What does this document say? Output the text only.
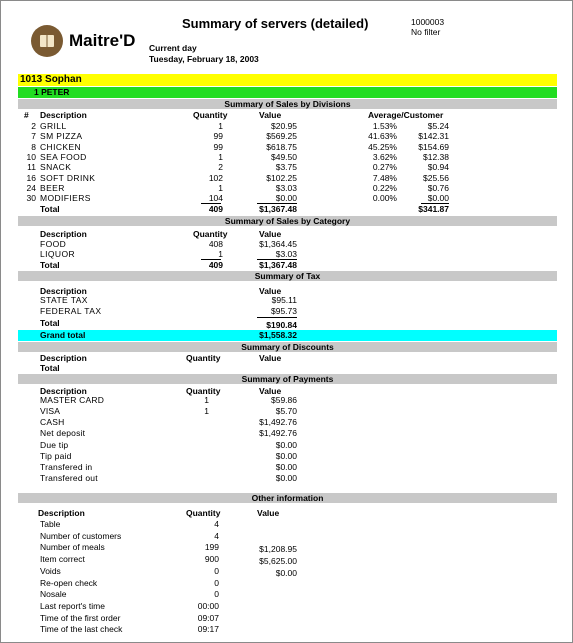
Maitre'D
Summary of servers (detailed)	1000003
No filter
Current day
Tuesday, February 18, 2003
1013 Sophan
1 PETER
Summary of Sales by Divisions
# Description	Quantity	Value	Average/Customer
2 GRILL	1	$20.95	1.53%	$5.24
7 SM PIZZA	99	$569.25	41.63%	$142.31
8 CHICKEN	99	$618.75	45.25%	$154.69
10 SEA FOOD	1	$49.50	3.62%	$12.38
11 SNACK	2	$3.75	0.27%	$0.94
16 SOFT DRINK	102	$102.25	7.48%	$25.56
24 BEER	1	$3.03	0.22%	$0.76
30 MODIFIERS	104	$0.00	0.00%	$0.00
Total	409	$1,367.48	$341.87
Summary of Sales by Category
Description	Quantity	Value
FOOD	408	$1,364.45
LIQUOR	1	$3.03
Total	409	$1,367.48
Summary of Tax
Description	Value
STATE TAX	$95.11
FEDERAL TAX	$95.73
Total	$190.84
Grand total	$1,558.32
Summary of Discounts
Description	Quantity	Value
Total
Summary of Payments
Description	Quantity	Value
MASTER CARD	1	$59.86
VISA	1	$5.70
CASH	$1,492.76
Net deposit	$1,492.76
Due tip	$0.00
Tip paid	$0.00
Transfered in	$0.00
Transfered out	$0.00
Other information
Description	Quantity	Value
Table	4
Number of customers	4
Number of meals	199	$1,208.95
Item correct	900	$5,625.00
Voids	0	$0.00
Re-open check	0
Nosale	0
Last report's time	00:00
Time of the first order	09:07
Time of the last check	09:17
